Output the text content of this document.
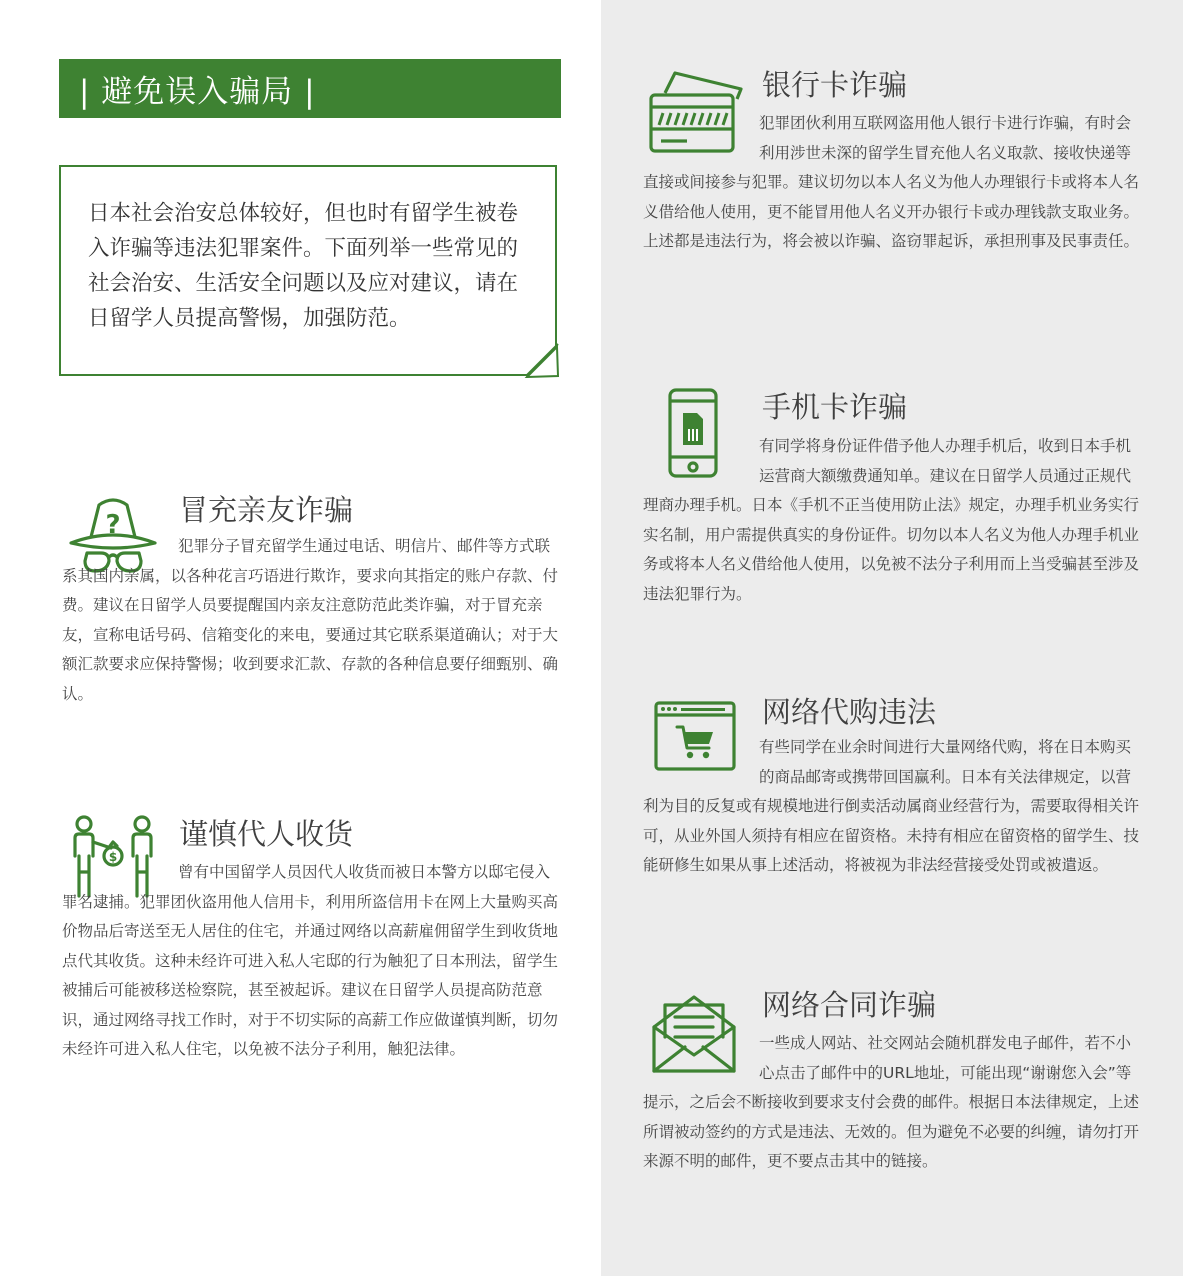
| 避免误入骗局 |
日本社会治安总体较好，但也时有留学生被卷入诈骗等违法犯罪案件。下面列举一些常见的社会治安、生活安全问题以及应对建议，请在日留学人员提高警惕，加强防范。
? 冒充亲友诈骗
犯罪分子冒充留学生通过电话、明信片、邮件等方式联系其国内亲属，以各种花言巧语进行欺诈，要求向其指定的账户存款、付费。建议在日留学人员要提醒国内亲友注意防范此类诈骗，对于冒充亲友，宣称电话号码、信箱变化的来电，要通过其它联系渠道确认；对于大额汇款要求应保持警惕；收到要求汇款、存款的各种信息要仔细甄别、确认。
$
谨慎代人收货
曾有中国留学人员因代人收货而被日本警方以邸宅侵入罪名逮捕。犯罪团伙盗用他人信用卡，利用所盗信用卡在网上大量购买高价物品后寄送至无人居住的住宅，并通过网络以高薪雇佣留学生到收货地点代其收货。这种未经许可进入私人宅邸的行为触犯了日本刑法，留学生被捕后可能被移送检察院，甚至被起诉。建议在日留学人员提高防范意识，通过网络寻找工作时，对于不切实际的高薪工作应做谨慎判断，切勿未经许可进入私人住宅，以免被不法分子利用，触犯法律。
银行卡诈骗
犯罪团伙利用互联网盗用他人银行卡进行诈骗，有时会利用涉世未深的留学生冒充他人名义取款、接收快递等直接或间接参与犯罪。建议切勿以本人名义为他人办理银行卡或将本人名义借给他人使用，更不能冒用他人名义开办银行卡或办理钱款支取业务。上述都是违法行为，将会被以诈骗、盗窃罪起诉，承担刑事及民事责任。
手机卡诈骗
有同学将身份证件借予他人办理手机后，收到日本手机运营商大额缴费通知单。建议在日留学人员通过正规代理商办理手机。日本《手机不正当使用防止法》规定，办理手机业务实行实名制，用户需提供真实的身份证件。切勿以本人名义为他人办理手机业务或将本人名义借给他人使用，以免被不法分子利用而上当受骗甚至涉及违法犯罪行为。
网络代购违法
有些同学在业余时间进行大量网络代购，将在日本购买的商品邮寄或携带回国赢利。日本有关法律规定，以营利为目的反复或有规模地进行倒卖活动属商业经营行为，需要取得相关许可，从业外国人须持有相应在留资格。未持有相应在留资格的留学生、技能研修生如果从事上述活动，将被视为非法经营接受处罚或被遣返。
网络合同诈骗
一些成人网站、社交网站会随机群发电子邮件，若不小心点击了邮件中的URL地址，可能出现“谢谢您入会”等提示，之后会不断接收到要求支付会费的邮件。根据日本法律规定，上述所谓被动签约的方式是违法、无效的。但为避免不必要的纠缠，请勿打开来源不明的邮件，更不要点击其中的链接。
